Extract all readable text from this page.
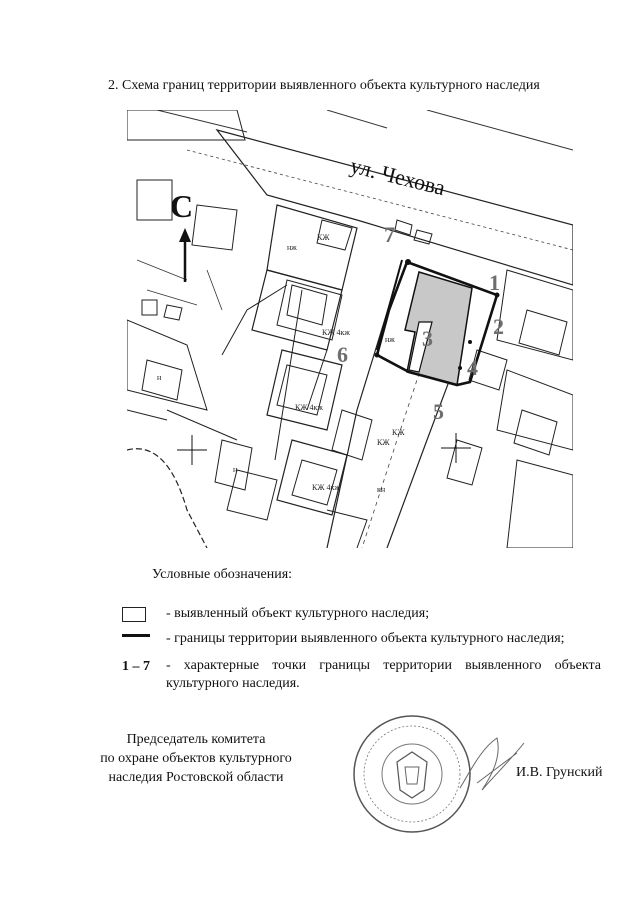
2. Схема границ территории выявленного объекта культурного наследия
1
2
3
4
5
6
7
ул. Чехова
С
КЖ
нж
КЖ 4кж
КЖ 4кж
КЖ
КЖ 4кж
КЖ
нж
н
н
кн
Условные обозначения:
- выявленный объект культурного наследия;
- границы территории выявленного объекта культурного наследия;
1 – 7 - характерные точки границы территории выявленного объекта культурного наследия.
Председатель комитета
по охране объектов культурного
наследия Ростовской области	И.В. Грунский
